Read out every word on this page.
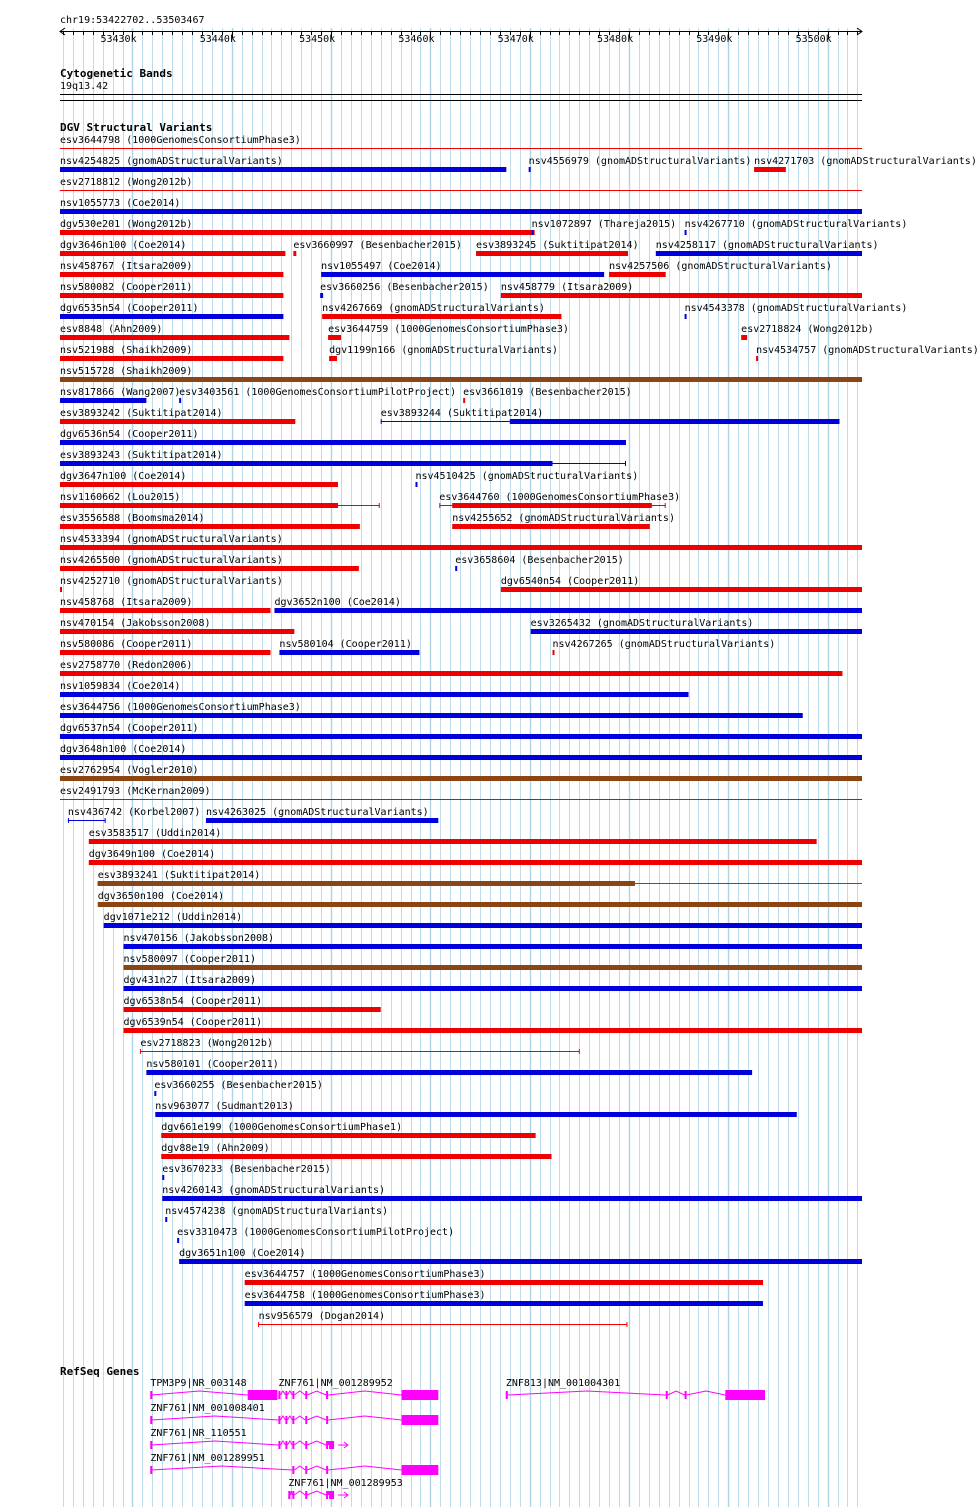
chr19:53422702..53503467
53430k	53440k	53450k	53460k	53470k	53480k	53490k	53500k
Cytogenetic Bands
19q13.42
DGV Structural Variants
RefSeq Genes
esv3644798 (1000GenomesConsortiumPhase3)
nsv4254825 (gnomADStructuralVariants)	nsv4556979 (gnomADStructuralVariants) nsv4271703 (gnomADStructuralVariants)
esv2718812 (Wong2012b)
nsv1055773 (Coe2014)
dgv530e201 (Wong2012b)	nsv1072897 (Thareja2015) nsv4267710 (gnomADStructuralVariants)
dgv3646n100 (Coe2014)	esv3660997 (Besenbacher2015) esv3893245 (Suktitipat2014) nsv4258117 (gnomADStructuralVariants)
nsv458767 (Itsara2009)	nsv1055497 (Coe2014)	nsv4257506 (gnomADStructuralVariants)
nsv580082 (Cooper2011)	esv3660256 (Besenbacher2015) nsv458779 (Itsara2009)
dgv6535n54 (Cooper2011)	nsv4267669 (gnomADStructuralVariants)	nsv4543378 (gnomADStructuralVariants)
esv8848 (Ahn2009)	esv3644759 (1000GenomesConsortiumPhase3)	esv2718824 (Wong2012b)
nsv521988 (Shaikh2009)	dgv1199n166 (gnomADStructuralVariants)	nsv4534757 (gnomADStructuralVariants)
nsv515728 (Shaikh2009)
nsv817866 (Wang2007)
esv3403561 (1000GenomesConsortiumPilotProject) esv3661019 (Besenbacher2015)
esv3893242 (Suktitipat2014)	esv3893244 (Suktitipat2014)
dgv6536n54 (Cooper2011)
esv3893243 (Suktitipat2014)
dgv3647n100 (Coe2014)	nsv4510425 (gnomADStructuralVariants)
nsv1160662 (Lou2015)	esv3644760 (1000GenomesConsortiumPhase3)
esv3556588 (Boomsma2014)	nsv4255652 (gnomADStructuralVariants)
nsv4533394 (gnomADStructuralVariants)
nsv4265500 (gnomADStructuralVariants)	esv3658604 (Besenbacher2015)
nsv4252710 (gnomADStructuralVariants)	dgv6540n54 (Cooper2011)
nsv458768 (Itsara2009)	dgv3652n100 (Coe2014)
nsv470154 (Jakobsson2008)	esv3265432 (gnomADStructuralVariants)
nsv580086 (Cooper2011)	nsv580104 (Cooper2011)	nsv4267265 (gnomADStructuralVariants)
esv2758770 (Redon2006)
nsv1059834 (Coe2014)
esv3644756 (1000GenomesConsortiumPhase3)
dgv6537n54 (Cooper2011)
dgv3648n100 (Coe2014)
esv2762954 (Vogler2010)
esv2491793 (McKernan2009)
nsv436742 (Korbel2007) nsv4263025 (gnomADStructuralVariants)
esv3583517 (Uddin2014)
dgv3649n100 (Coe2014)
esv3893241 (Suktitipat2014)
dgv3650n100 (Coe2014)
dgv1071e212 (Uddin2014)
nsv470156 (Jakobsson2008)
nsv580097 (Cooper2011)
dgv431n27 (Itsara2009)
dgv6538n54 (Cooper2011)
dgv6539n54 (Cooper2011)
esv2718823 (Wong2012b)
nsv580101 (Cooper2011)
esv3660255 (Besenbacher2015)
nsv963077 (Sudmant2013)
dgv661e199 (1000GenomesConsortiumPhase1)
dgv88e19 (Ahn2009)
esv3670233 (Besenbacher2015)
nsv4260143 (gnomADStructuralVariants)
nsv4574238 (gnomADStructuralVariants)
esv3310473 (1000GenomesConsortiumPilotProject)
dgv3651n100 (Coe2014)
esv3644757 (1000GenomesConsortiumPhase3)
esv3644758 (1000GenomesConsortiumPhase3)
nsv956579 (Dogan2014)
TPM3P9|NR_003148	ZNF761|NM_001289952	ZNF813|NM_001004301
ZNF761|NM_001008401
ZNF761|NR_110551
ZNF761|NM_001289951
ZNF761|NM_001289953
